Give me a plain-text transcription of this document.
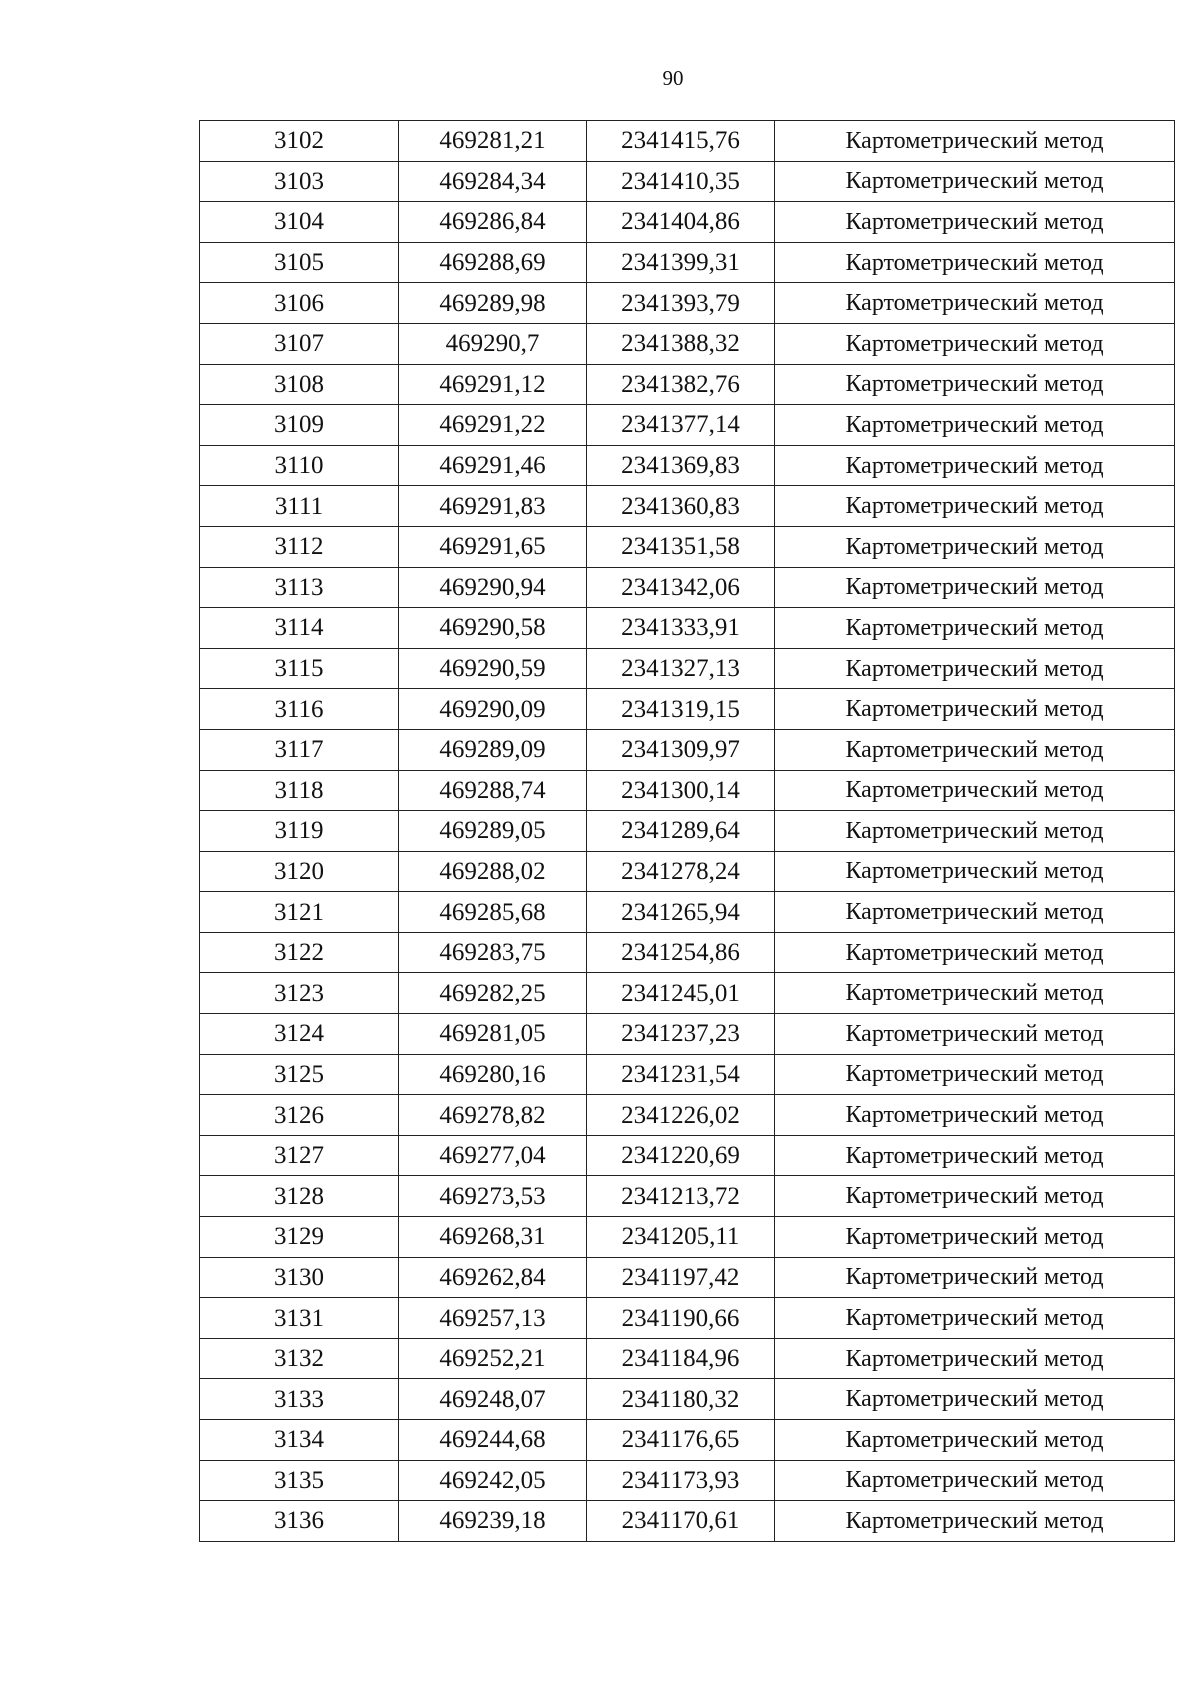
90
3102	469281,21	2341415,76	Картометрический метод
3103	469284,34	2341410,35	Картометрический метод
3104	469286,84	2341404,86	Картометрический метод
3105	469288,69	2341399,31	Картометрический метод
3106	469289,98	2341393,79	Картометрический метод
3107	469290,7	2341388,32	Картометрический метод
3108	469291,12	2341382,76	Картометрический метод
3109	469291,22	2341377,14	Картометрический метод
3110	469291,46	2341369,83	Картометрический метод
3111	469291,83	2341360,83	Картометрический метод
3112	469291,65	2341351,58	Картометрический метод
3113	469290,94	2341342,06	Картометрический метод
3114	469290,58	2341333,91	Картометрический метод
3115	469290,59	2341327,13	Картометрический метод
3116	469290,09	2341319,15	Картометрический метод
3117	469289,09	2341309,97	Картометрический метод
3118	469288,74	2341300,14	Картометрический метод
3119	469289,05	2341289,64	Картометрический метод
3120	469288,02	2341278,24	Картометрический метод
3121	469285,68	2341265,94	Картометрический метод
3122	469283,75	2341254,86	Картометрический метод
3123	469282,25	2341245,01	Картометрический метод
3124	469281,05	2341237,23	Картометрический метод
3125	469280,16	2341231,54	Картометрический метод
3126	469278,82	2341226,02	Картометрический метод
3127	469277,04	2341220,69	Картометрический метод
3128	469273,53	2341213,72	Картометрический метод
3129	469268,31	2341205,11	Картометрический метод
3130	469262,84	2341197,42	Картометрический метод
3131	469257,13	2341190,66	Картометрический метод
3132	469252,21	2341184,96	Картометрический метод
3133	469248,07	2341180,32	Картометрический метод
3134	469244,68	2341176,65	Картометрический метод
3135	469242,05	2341173,93	Картометрический метод
3136	469239,18	2341170,61	Картометрический метод
